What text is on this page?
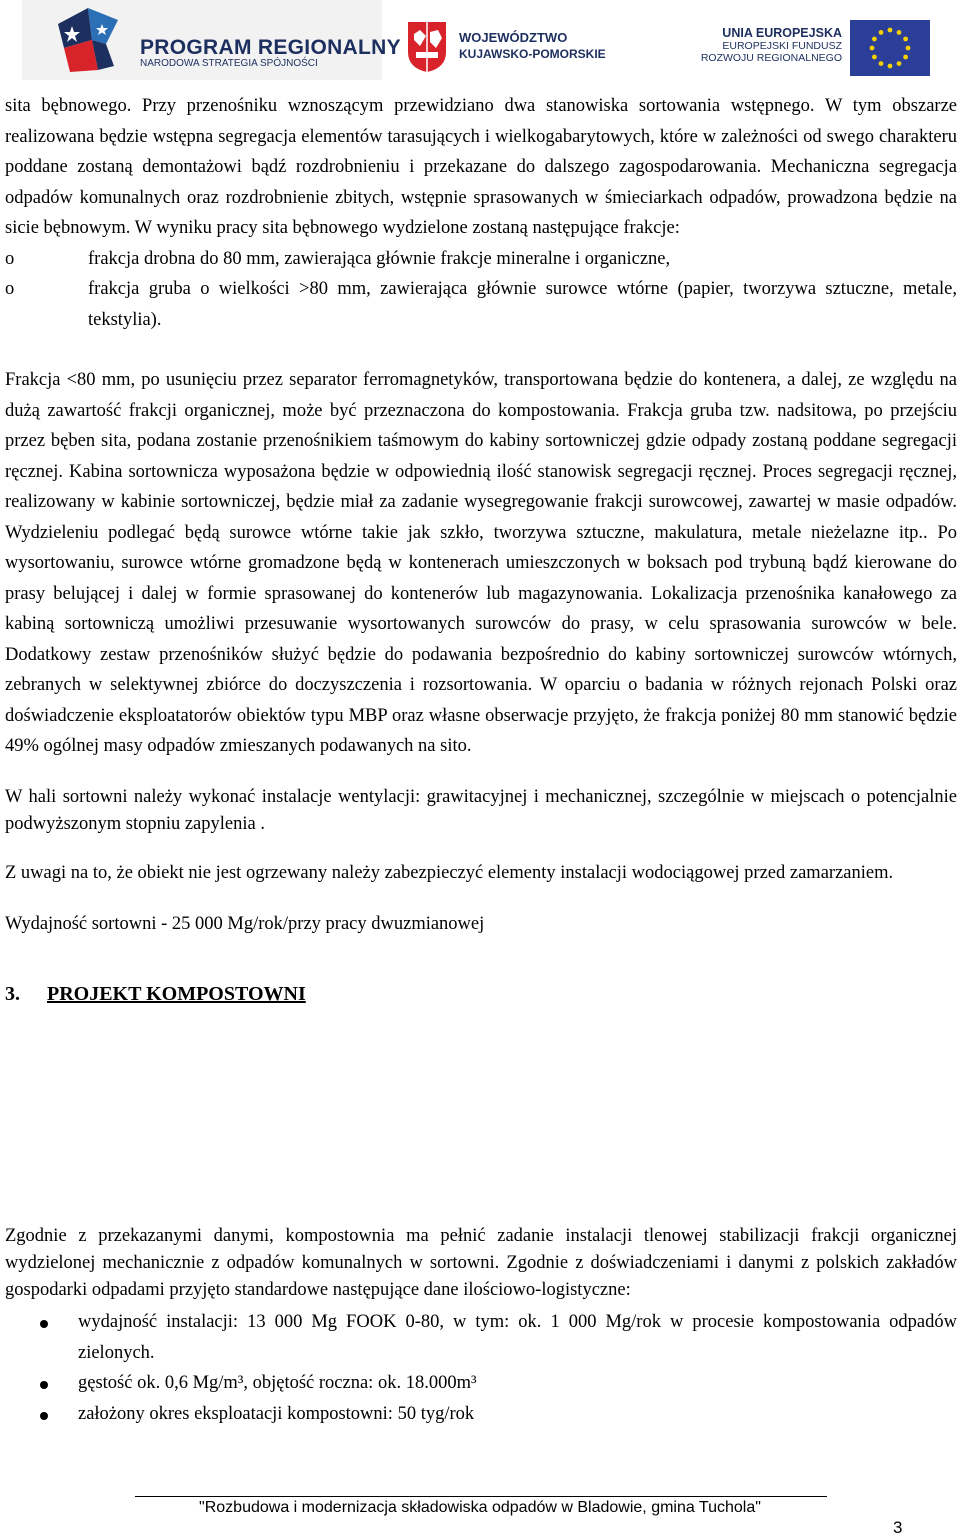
PROGRAM REGIONALNY
NARODOWA STRATEGIA SPÓJNOŚCI
WOJEWÓDZTWO
KUJAWSKO-POMORSKIE
UNIA EUROPEJSKA
EUROPEJSKI FUNDUSZ
ROZWOJU REGIONALNEGO

sita bębnowego. Przy przenośniku wznoszącym przewidziano dwa stanowiska sortowania wstępnego. W tym obszarze realizowana będzie wstępna segregacja elementów tarasujących i wielkogabarytowych, które w zależności od swego charakteru poddane zostaną demontażowi bądź rozdrobnieniu i przekazane do dalszego zagospodarowania. Mechaniczna segregacja odpadów komunalnych oraz rozdrobnienie zbitych, wstępnie sprasowanych w śmieciarkach odpadów, prowadzona będzie na sicie bębnowym. W wyniku pracy sita bębnowego wydzielone zostaną następujące frakcje:

o frakcja drobna do 80 mm, zawierająca głównie frakcje mineralne i organiczne,
o frakcja gruba o wielkości >80 mm, zawierająca głównie surowce wtórne (papier, tworzywa sztuczne, metale, tekstylia).

Frakcja <80 mm, po usunięciu przez separator ferromagnetyków, transportowana będzie do kontenera, a dalej, ze względu na dużą zawartość frakcji organicznej, może być przeznaczona do kompostowania. Frakcja gruba tzw. nadsitowa, po przejściu przez bęben sita, podana zostanie przenośnikiem taśmowym do kabiny sortowniczej gdzie odpady zostaną poddane segregacji ręcznej. Kabina sortownicza wyposażona będzie w odpowiednią ilość stanowisk segregacji ręcznej. Proces segregacji ręcznej, realizowany w kabinie sortowniczej, będzie miał za zadanie wysegregowanie frakcji surowcowej, zawartej w masie odpadów. Wydzieleniu podlegać będą surowce wtórne takie jak szkło, tworzywa sztuczne, makulatura, metale nieżelazne itp.. Po wysortowaniu, surowce wtórne gromadzone będą w kontenerach umieszczonych w boksach pod trybuną bądź kierowane do prasy belującej i dalej w formie sprasowanej do kontenerów lub magazynowania. Lokalizacja przenośnika kanałowego za kabiną sortowniczą umożliwi przesuwanie wysortowanych surowców do prasy, w celu sprasowania surowców w bele. Dodatkowy zestaw przenośników służyć będzie do podawania bezpośrednio do kabiny sortowniczej surowców wtórnych, zebranych w selektywnej zbiórce do doczyszczenia i rozsortowania. W oparciu o badania w różnych rejonach Polski oraz doświadczenie eksploatatorów obiektów typu MBP oraz własne obserwacje przyjęto, że frakcja poniżej 80 mm stanowić będzie 49% ogólnej masy odpadów zmieszanych podawanych na sito.

W hali sortowni należy wykonać instalacje wentylacji: grawitacyjnej i mechanicznej, szczególnie w miejscach o potencjalnie podwyższonym stopniu zapylenia .

Z uwagi na to, że obiekt nie jest ogrzewany należy zabezpieczyć elementy instalacji wodociągowej przed zamarzaniem.

Wydajność sortowni - 25 000 Mg/rok/przy pracy dwuzmianowej

3. PROJEKT KOMPOSTOWNI

Zgodnie z przekazanymi danymi, kompostownia ma pełnić zadanie instalacji tlenowej stabilizacji frakcji organicznej wydzielonej mechanicznie z odpadów komunalnych w sortowni. Zgodnie z doświadczeniami i danymi z polskich zakładów gospodarki odpadami przyjęto standardowe następujące dane ilościowo-logistyczne:

wydajność instalacji: 13 000 Mg FOOK 0-80, w tym: ok. 1 000 Mg/rok w procesie kompostowania odpadów zielonych.
gęstość ok. 0,6 Mg/m³, objętość roczna: ok. 18.000m³
założony okres eksploatacji kompostowni: 50 tyg/rok
"Rozbudowa i modernizacja składowiska odpadów w Bladowie, gmina Tuchola"
3
